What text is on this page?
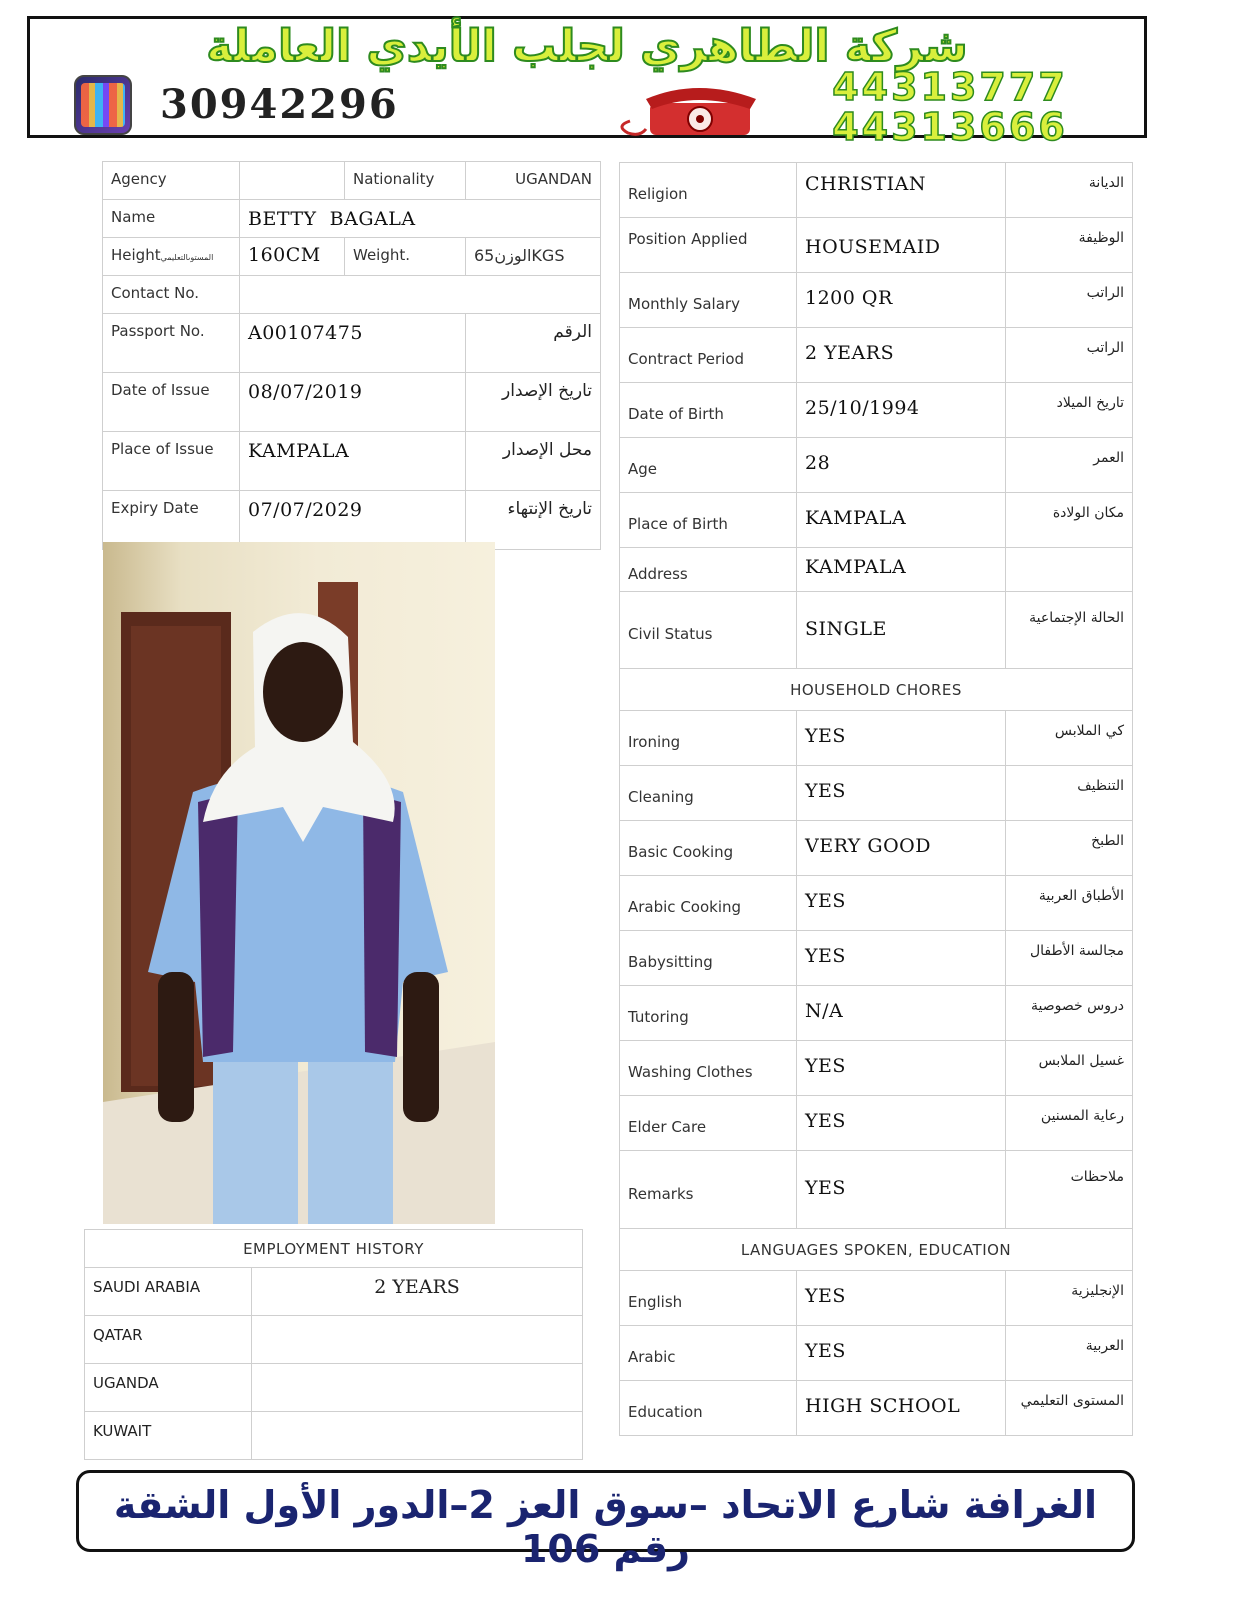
شركة الطاهري لجلب الأيدي العاملة
30942296	44313777
44313666
Agency		Nationality	UGANDAN
Name	BETTY  BAGALA		
Heightالمستوىالتعليمي	160CM	Weight.	65الوزنKGS
Contact No.			
Passport No.	A00107475		الرقم
Date of Issue	08/07/2019		تاريخ الإصدار
Place of Issue	KAMPALA		محل الإصدار
Expiry Date	07/07/2029		تاريخ الإنتهاء
EMPLOYMENT HISTORY	
SAUDI ARABIA	2 YEARS
QATAR	
UGANDA	
KUWAIT	
Religion	CHRISTIAN	الديانة
Position Applied	HOUSEMAID	الوظيفة
Monthly Salary	1200 QR	الراتب
Contract Period	2 YEARS	الراتب
Date of Birth	25/10/1994	تاريخ الميلاد
Age	28	العمر
Place of Birth	KAMPALA	مكان الولادة
Address	KAMPALA	
Civil Status	SINGLE	الحالة الإجتماعية
HOUSEHOLD CHORES		
Ironing	YES	كي الملابس
Cleaning	YES	التنظيف
Basic Cooking	VERY GOOD	الطبخ
Arabic Cooking	YES	الأطباق العربية
Babysitting	YES	مجالسة الأطفال
Tutoring	N/A	دروس خصوصية
Washing Clothes	YES	غسيل الملابس
Elder Care	YES	رعاية المسنين
Remarks	YES	ملاحظات
LANGUAGES SPOKEN, EDUCATION		
English	YES	الإنجليزية
Arabic	YES	العربية
Education	HIGH SCHOOL	المستوى التعليمي
الغرافة شارع الاتحاد –سوق العز 2–الدور الأول الشقة رقم 106
